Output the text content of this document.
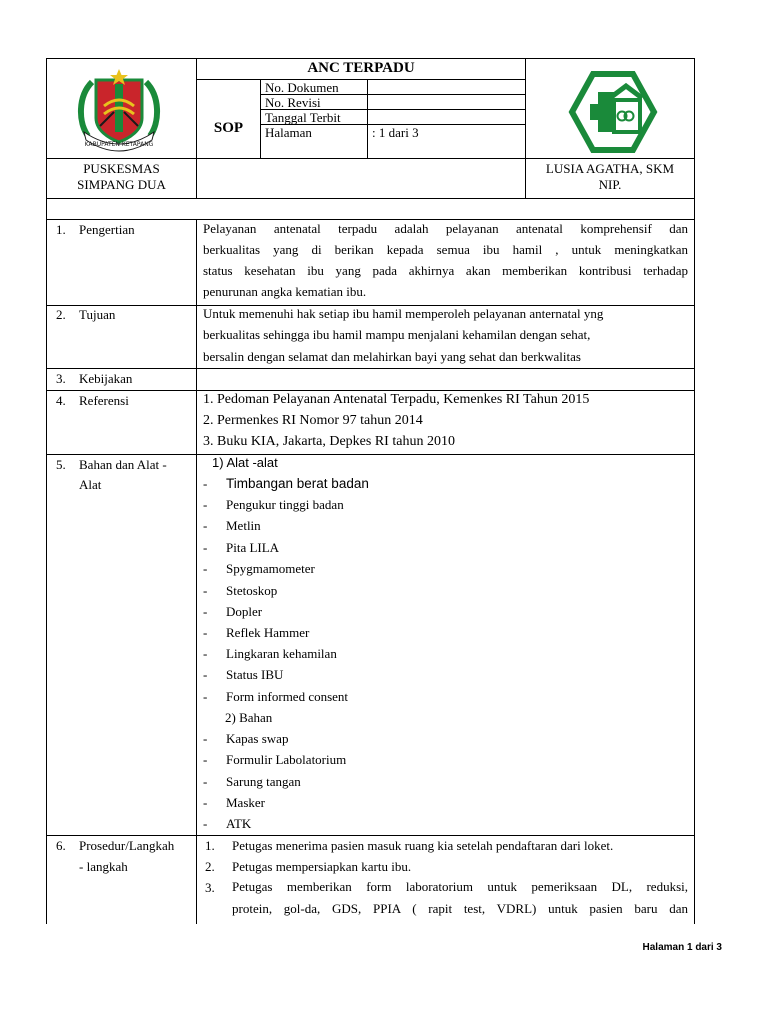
KABUPATEN KETAPANG
ANC TERPADU
SOP
No. Dokumen
No. Revisi
Tanggal Terbit
Halaman	: 1 dari 3
PUSKESMAS
SIMPANG DUA
LUSIA AGATHA, SKM
NIP.
1. Pengertian	Pelayanan antenatal terpadu adalah pelayanan antenatal komprehensif dan
berkualitas yang di berikan kepada semua ibu hamil , untuk meningkatkan
status kesehatan ibu yang pada akhirnya akan memberikan kontribusi terhadap
penurunan angka kematian ibu.
2. Tujuan	Untuk memenuhi hak setiap ibu hamil memperoleh pelayanan anternatal yng
berkualitas sehingga ibu hamil mampu menjalani kehamilan dengan sehat,
bersalin dengan selamat dan melahirkan bayi yang sehat dan berkwalitas
3. Kebijakan
4. Referensi	1. Pedoman Pelayanan Antenatal Terpadu, Kemenkes RI Tahun 2015
2. Permenkes RI Nomor 97 tahun 2014
3. Buku KIA, Jakarta, Depkes RI tahun 2010
5. Bahan dan Alat -
Alat
1) Alat -alat
- Timbangan berat badan
- Pengukur tinggi badan
- Metlin
- Pita LILA
- Spygmamometer
- Stetoskop
- Dopler
- Reflek Hammer
- Lingkaran kehamilan
- Status IBU
- Form informed consent
2) Bahan
- Kapas swap
- Formulir Labolatorium
- Sarung tangan
- Masker
- ATK
6. Prosedur/Langkah
- langkah
1. Petugas menerima pasien masuk ruang kia setelah pendaftaran dari loket.
2. Petugas mempersiapkan kartu ibu.
3. Petugas memberikan form laboratorium untuk pemeriksaan DL, reduksi,
protein, gol-da, GDS, PPIA ( rapit test, VDRL) untuk pasien baru dan
Halaman 1 dari 3
